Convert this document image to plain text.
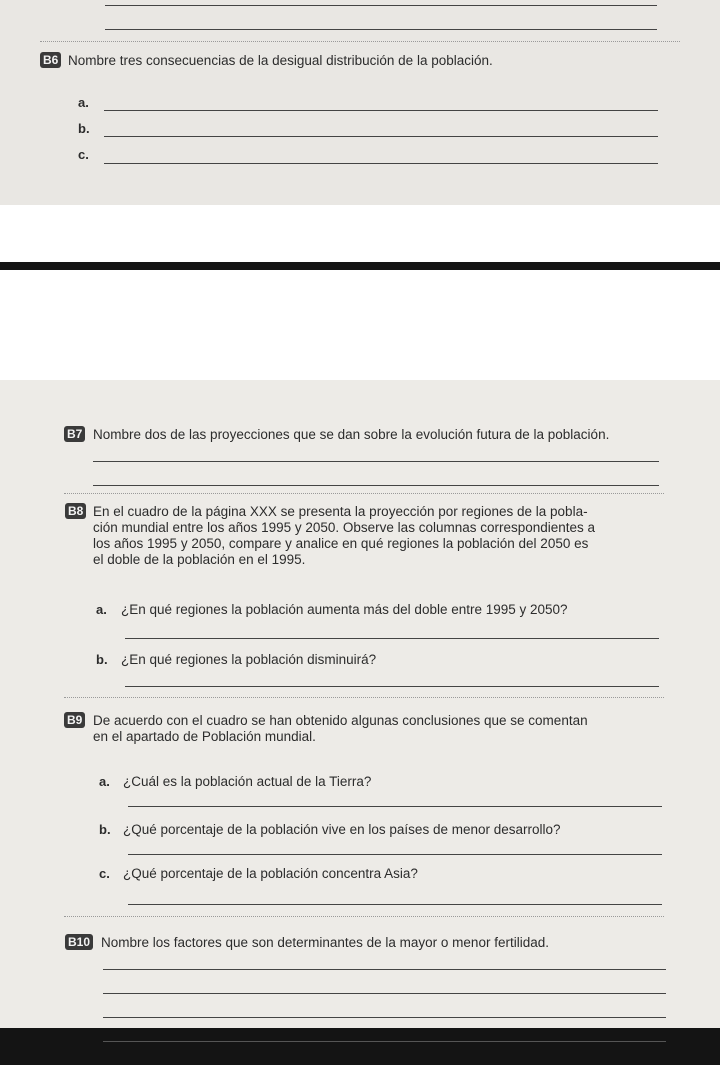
B6 Nombre tres consecuencias de la desigual distribución de la población.
a.
b.
c.
B7 Nombre dos de las proyecciones que se dan sobre la evolución futura de la población.
B8 En el cuadro de la página XXX se presenta la proyección por regiones de la pobla-
ción mundial entre los años 1995 y 2050. Observe las columnas correspondientes a
los años 1995 y 2050, compare y analice en qué regiones la población del 2050 es
el doble de la población en el 1995.
a. ¿En qué regiones la población aumenta más del doble entre 1995 y 2050?
b. ¿En qué regiones la población disminuirá?
B9 De acuerdo con el cuadro se han obtenido algunas conclusiones que se comentan
en el apartado de Población mundial.
a. ¿Cuál es la población actual de la Tierra?
b. ¿Qué porcentaje de la población vive en los países de menor desarrollo?
c. ¿Qué porcentaje de la población concentra Asia?
B10 Nombre los factores que son determinantes de la mayor o menor fertilidad.
